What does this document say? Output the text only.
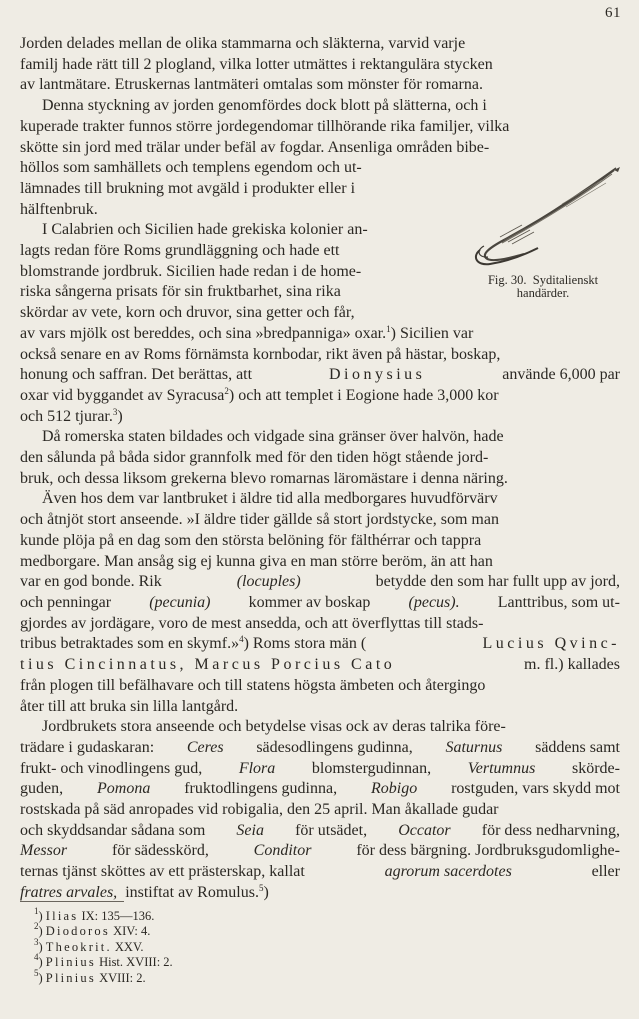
61
Jorden delades mellan de olika stammarna och släkterna, varvid varje
familj hade rätt till 2 plogland, vilka lotter utmättes i rektangulära stycken
av lantmätare. Etruskernas lantmäteri omtalas som mönster för romarna.
Denna styckning av jorden genomfördes dock blott på slätterna, och i
kuperade trakter funnos större jordegendomar tillhörande rika familjer, vilka
skötte sin jord med trälar under befäl av fogdar. Ansenliga områden bibe-
höllos som samhällets och templens egendom och ut-
lämnades till brukning mot avgäld i produkter eller i
hälftenbruk.
I Calabrien och Sicilien hade grekiska kolonier an-
lagts redan före Roms grundläggning och hade ett
blomstrande jordbruk. Sicilien hade redan i de home-
riska sångerna prisats för sin fruktbarhet, sina rika
skördar av vete, korn och druvor, sina getter och får,
av vars mjölk ost bereddes, och sina »bredpanniga» oxar.$^1$) Sicilien var
också senare en av Roms förnämsta kornbodar, rikt även på hästar, boskap,
honung och saffran. Det berättas, att	Dionysius	använde 6,000 par
oxar vid byggandet av Syracusa$^2$) och att templet i Eogione hade 3,000 kor
och 512 tjurar.$^3$)
Då romerska staten bildades och vidgade sina gränser över halvön, hade
den sålunda på båda sidor grannfolk med för den tiden högt stående jord-
bruk, och dessa liksom grekerna blevo romarnas läromästare i denna näring.
Även hos dem var lantbruket i äldre tid alla medborgares huvudförvärv
och åtnjöt stort anseende. »I äldre tider gällde så stort jordstycke, som man
kunde plöja på en dag som den största belöning för fälthérrar och tappra
medborgare. Man ansåg sig ej kunna giva en man större beröm, än att han
var en god bonde. Rik	(locuples)	betydde den som har fullt upp av jord,
och penningar (pecunia) kommer av boskap (pecus). Lanttribus, som ut-
gjordes av jordägare, voro de mest ansedda, och att överflyttas till stads-
tribus betraktades som en skymf.»$^4$) Roms stora män (	Lucius Qvinc-
tius Cincinnatus, Marcus Porcius Cato	m. fl.) kallades
från plogen till befälhavare och till statens högsta ämbeten och återgingo
åter till att bruka sin lilla lantgård.
Jordbrukets stora anseende och betydelse visas ock av deras talrika före-
trädare i gudaskaran: Ceres sädesodlingens gudinna, Saturnus säddens samt
frukt- och vinodlingens gud, Flora blomstergudinnan, Vertumnus skörde-
guden, Pomona fruktodlingens gudinna, Robigo rostguden, vars skydd mot
rostskada på säd anropades vid robigalia, den 25 april. Man åkallade gudar
och skyddsandar sådana som Seia för utsädet, Occator för dess nedharvning,
Messor	för sädesskörd,	Conditor	för dess bärgning. Jordbruksgudomlighe-
ternas tjänst sköttes av ett prästerskap, kallat	agrorum sacerdotes	eller
fratres arvales, instiftat av Romulus.$^5$)
Fig. 30. Syditalienskt
handärder.
$^1$) Ilias IX: 135—136.
$^2$) Diodoros XIV: 4.
$^3$) Theokrit. XXV.
$^4$) Plinius Hist. XVIII: 2.
$^5$) Plinius XVIII: 2.
